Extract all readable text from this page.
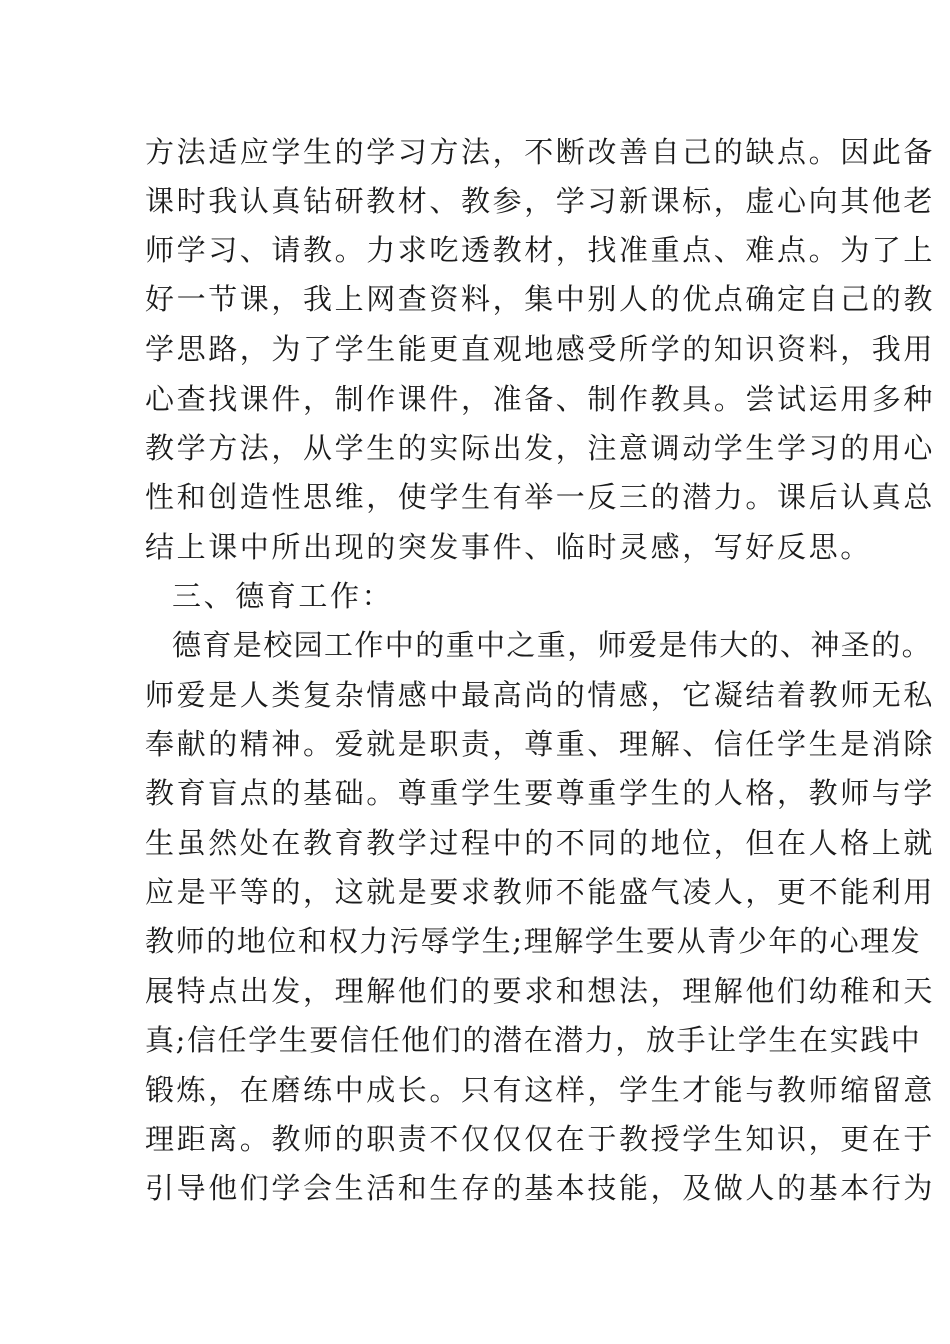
方法适应学生的学习方法，不断改善自己的缺点。因此备
课时我认真钻研教材、教参，学习新课标，虚心向其他老
师学习、请教。力求吃透教材，找准重点、难点。为了上
好一节课，我上网查资料，集中别人的优点确定自己的教
学思路，为了学生能更直观地感受所学的知识资料，我用
心查找课件，制作课件，准备、制作教具。尝试运用多种
教学方法，从学生的实际出发，注意调动学生学习的用心
性和创造性思维，使学生有举一反三的潜力。课后认真总
结上课中所出现的突发事件、临时灵感，写好反思。
三、德育工作：
德育是校园工作中的重中之重，师爱是伟大的、神圣的。
师爱是人类复杂情感中最高尚的情感，它凝结着教师无私
奉献的精神。爱就是职责，尊重、理解、信任学生是消除
教育盲点的基础。尊重学生要尊重学生的人格，教师与学
生虽然处在教育教学过程中的不同的地位，但在人格上就
应是平等的，这就是要求教师不能盛气凌人，更不能利用
教师的地位和权力污辱学生;理解学生要从青少年的心理发
展特点出发，理解他们的要求和想法，理解他们幼稚和天
真;信任学生要信任他们的潜在潜力，放手让学生在实践中
锻炼，在磨练中成长。只有这样，学生才能与教师缩留意
理距离。教师的职责不仅仅仅在于教授学生知识，更在于
引导他们学会生活和生存的基本技能，及做人的基本行为
